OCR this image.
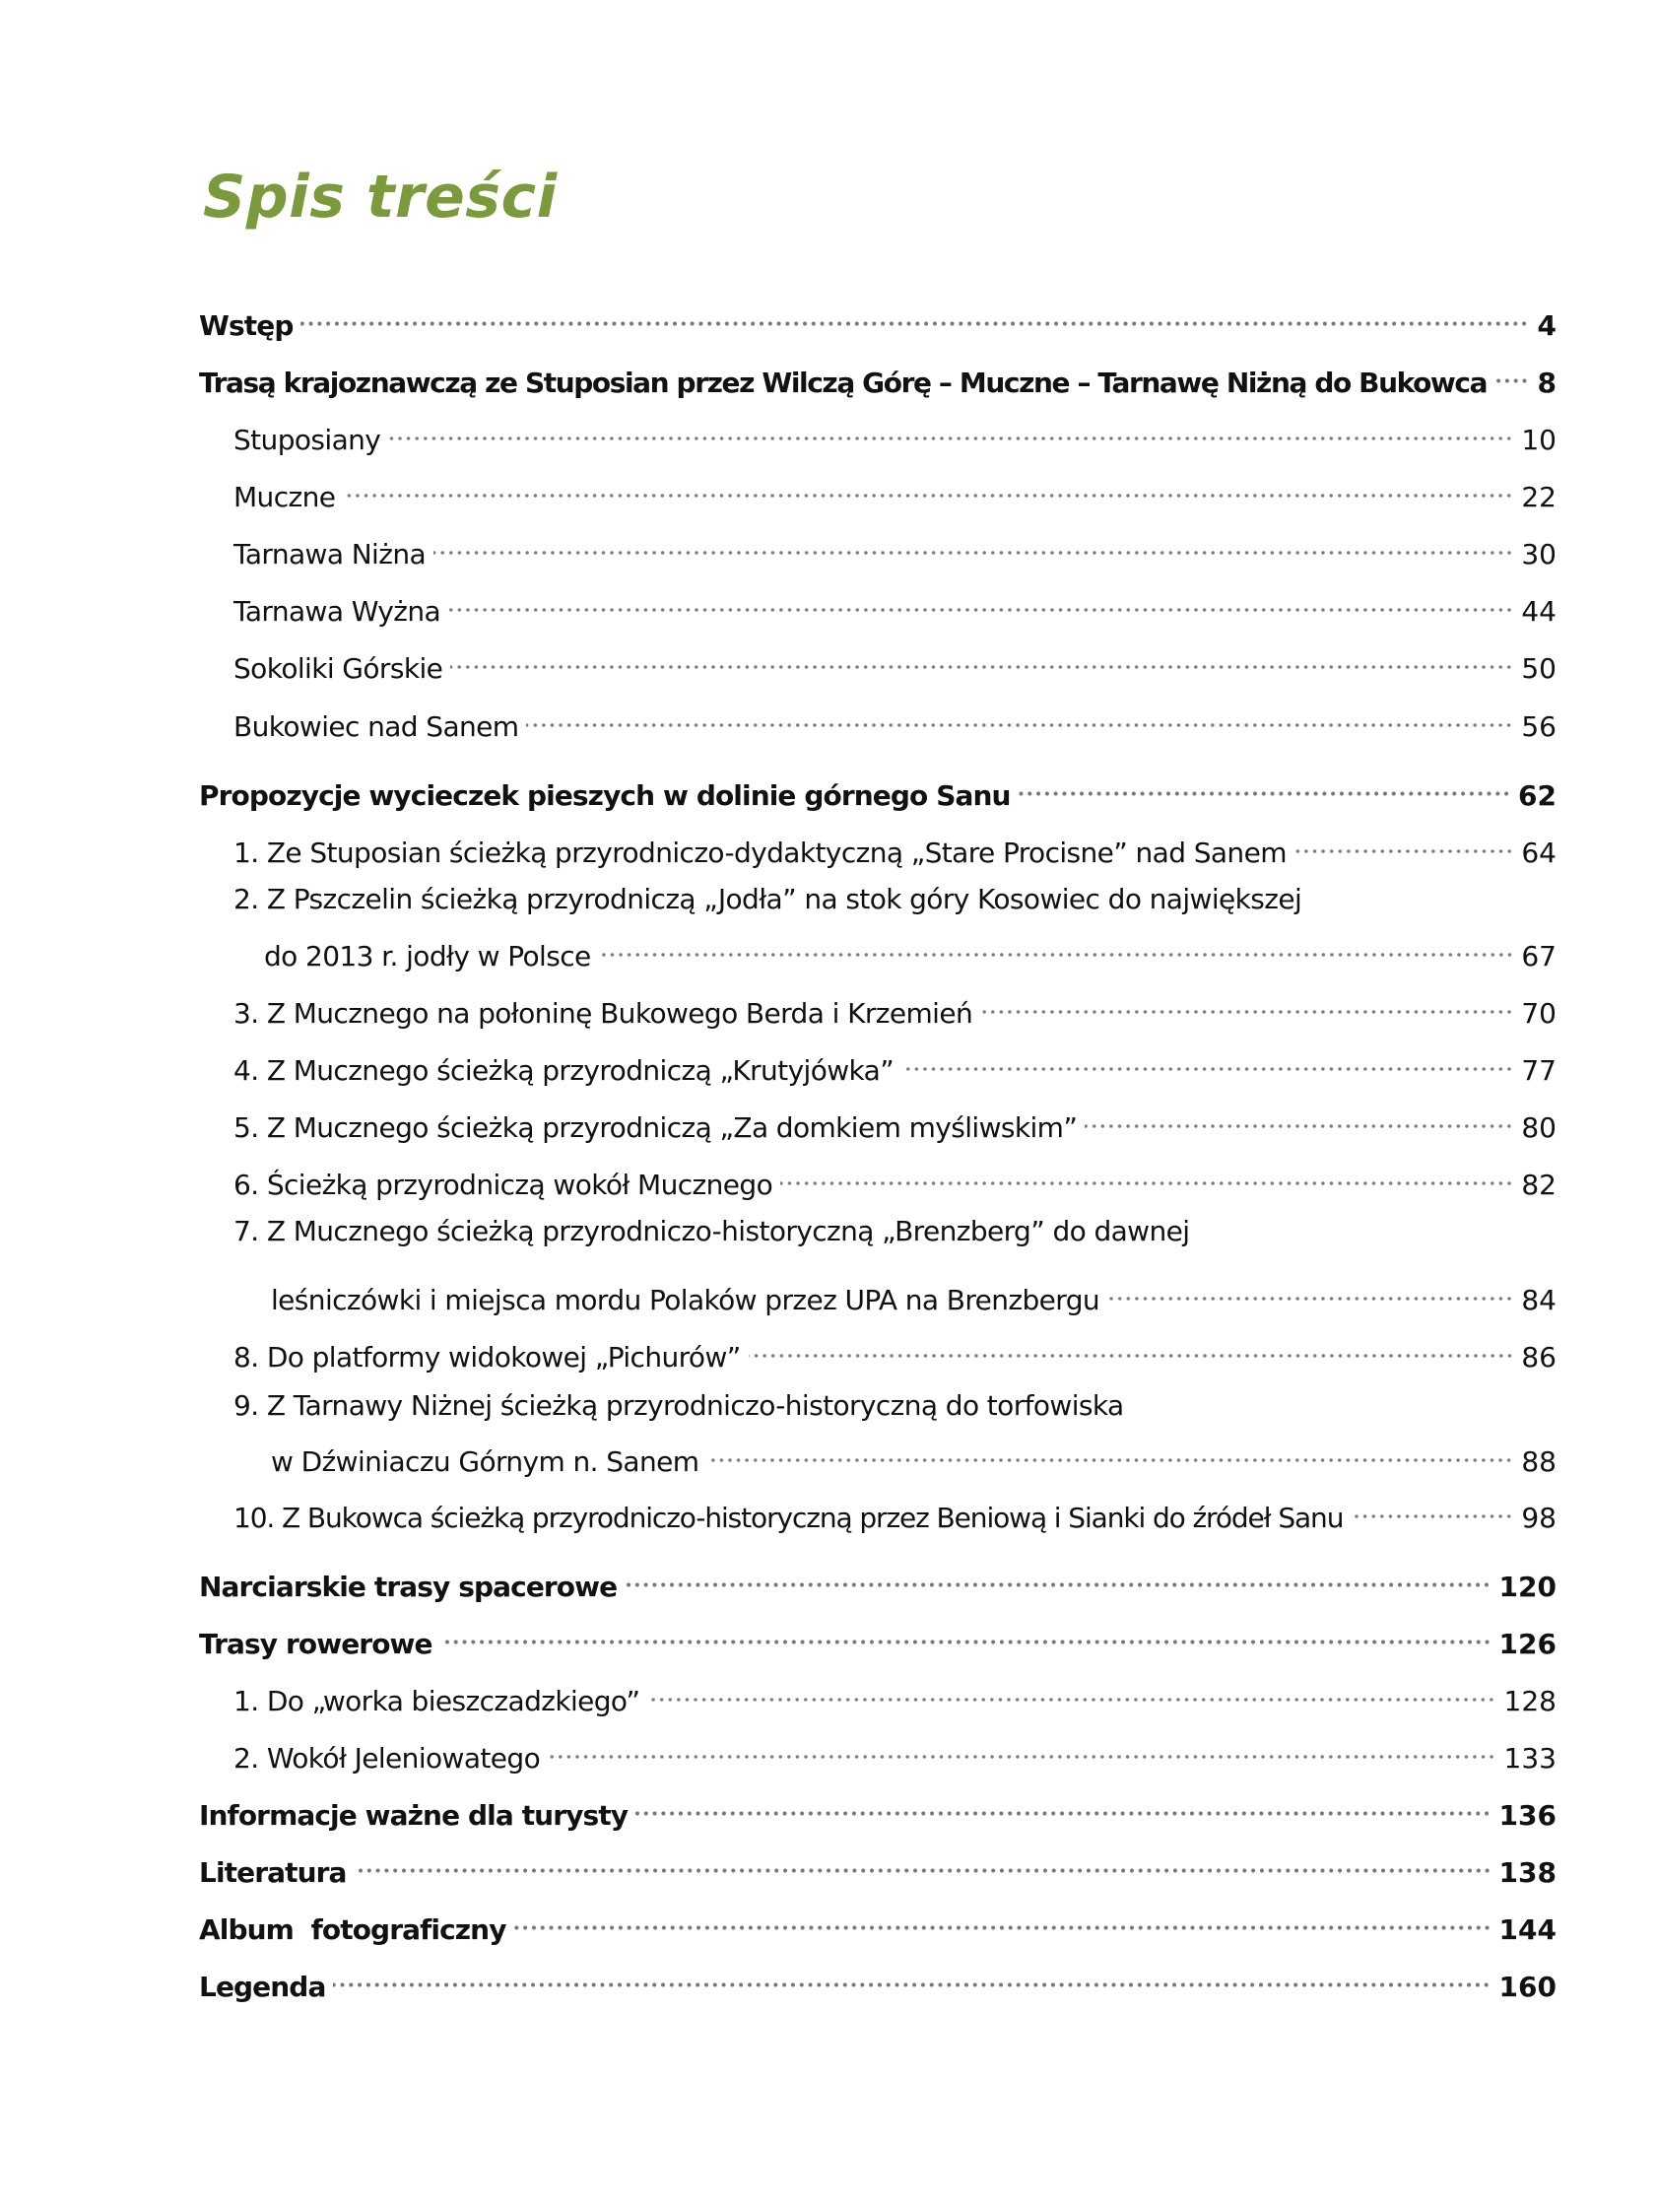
Spis treści
Wstęp	4
Trasą krajoznawczą ze Stuposian przez Wilczą Górę – Muczne – Tarnawę Niżną do Bukowca 8
Stuposiany	10
Muczne	22
Tarnawa Niżna	30
Tarnawa Wyżna	44
Sokoliki Górskie	50
Bukowiec nad Sanem	56
Propozycje wycieczek pieszych w dolinie górnego Sanu	62
1. Ze Stuposian ścieżką przyrodniczo-dydaktyczną „Stare Procisne” nad Sanem	64
2. Z Pszczelin ścieżką przyrodniczą „Jodła” na stok góry Kosowiec do największej
do 2013 r. jodły w Polsce	67
3. Z Mucznego na połoninę Bukowego Berda i Krzemień	70
4. Z Mucznego ścieżką przyrodniczą „Krutyjówka”	77
5. Z Mucznego ścieżką przyrodniczą „Za domkiem myśliwskim”	80
6. Ścieżką przyrodniczą wokół Mucznego	82
7. Z Mucznego ścieżką przyrodniczo-historyczną „Brenzberg” do dawnej
leśniczówki i miejsca mordu Polaków przez UPA na Brenzbergu	84
8. Do platformy widokowej „Pichurów”	86
9. Z Tarnawy Niżnej ścieżką przyrodniczo-historyczną do torfowiska
w Dźwiniaczu Górnym n. Sanem	88
10. Z Bukowca ścieżką przyrodniczo-historyczną przez Beniową i Sianki do źródeł Sanu	98
Narciarskie trasy spacerowe	120
Trasy rowerowe	126
1. Do „worka bieszczadzkiego”	128
2. Wokół Jeleniowatego	133
Informacje ważne dla turysty	136
Literatura	138
Album  fotograficzny	144
Legenda	160
